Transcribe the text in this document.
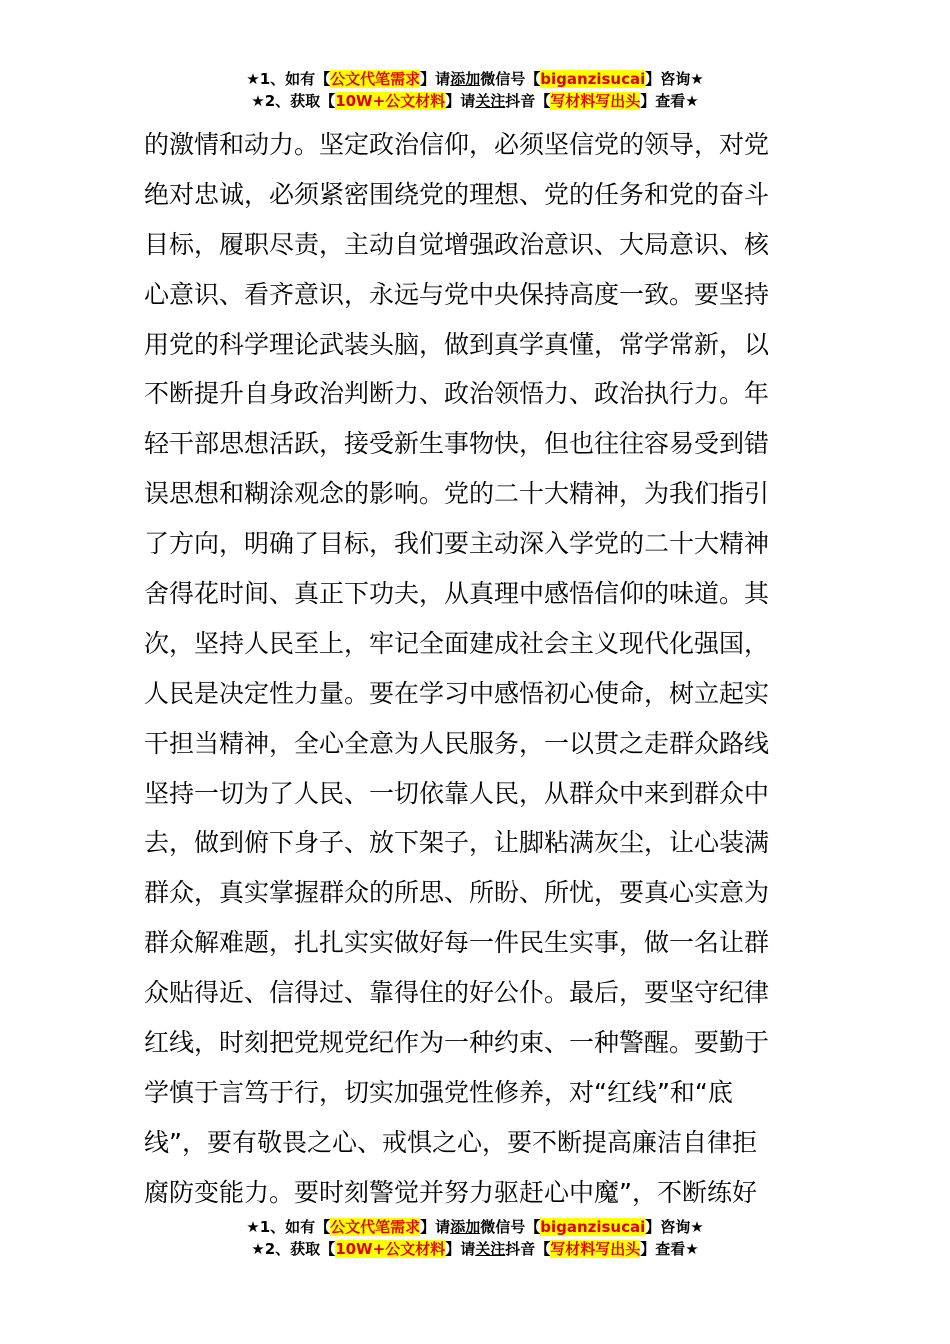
★1、如有【公文代笔需求】请添加微信号【biganzisucai】咨询★
★2、获取【10W+公文材料】请关注抖音【写材料写出头】查看★
的激情和动力。坚定政治信仰，必须坚信党的领导，对党
绝对忠诚，必须紧密围绕党的理想、党的任务和党的奋斗
目标，履职尽责，主动自觉增强政治意识、大局意识、核
心意识、看齐意识，永远与党中央保持高度一致。要坚持
用党的科学理论武装头脑，做到真学真懂，常学常新，以
不断提升自身政治判断力、政治领悟力、政治执行力。年
轻干部思想活跃，接受新生事物快，但也往往容易受到错
误思想和糊涂观念的影响。党的二十大精神，为我们指引
了方向，明确了目标，我们要主动深入学党的二十大精神
舍得花时间、真正下功夫，从真理中感悟信仰的味道。其
次，坚持人民至上，牢记全面建成社会主义现代化强国，
人民是决定性力量。要在学习中感悟初心使命，树立起实
干担当精神，全心全意为人民服务，一以贯之走群众路线
坚持一切为了人民、一切依靠人民，从群众中来到群众中
去，做到俯下身子、放下架子，让脚粘满灰尘，让心装满
群众，真实掌握群众的所思、所盼、所忧，要真心实意为
群众解难题，扎扎实实做好每一件民生实事，做一名让群
众贴得近、信得过、靠得住的好公仆。最后，要坚守纪律
红线，时刻把党规党纪作为一种约束、一种警醒。要勤于
学慎于言笃于行，切实加强党性修养，对“红线”和“底
线”，要有敬畏之心、戒惧之心，要不断提高廉洁自律拒
腐防变能力。要时刻警觉并努力驱赶心中魔”，不断练好
★1、如有【公文代笔需求】请添加微信号【biganzisucai】咨询★
★2、获取【10W+公文材料】请关注抖音【写材料写出头】查看★
